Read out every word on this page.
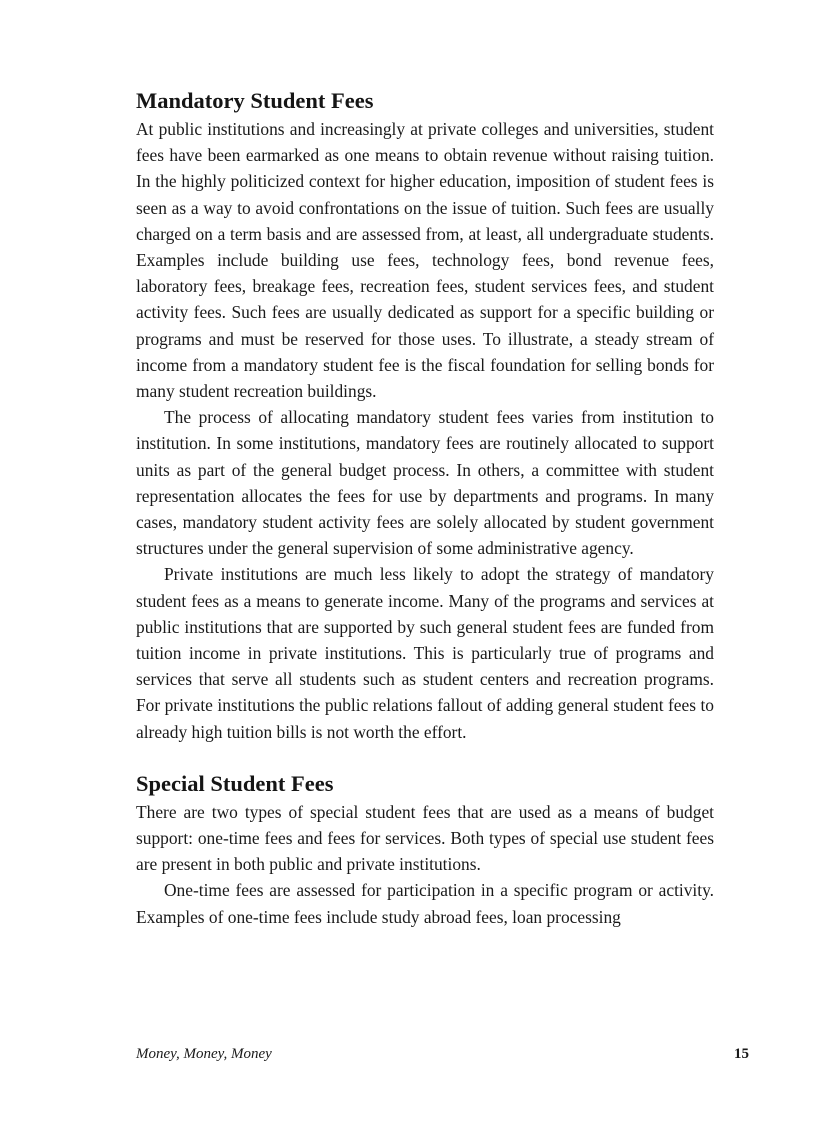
Mandatory Student Fees

At public institutions and increasingly at private colleges and universities, student fees have been earmarked as one means to obtain revenue without raising tuition. In the highly politicized context for higher education, imposition of student fees is seen as a way to avoid confrontations on the issue of tuition. Such fees are usually charged on a term basis and are assessed from, at least, all undergraduate students. Examples include building use fees, technology fees, bond revenue fees, laboratory fees, breakage fees, recreation fees, student services fees, and student activity fees. Such fees are usually dedicated as support for a specific building or programs and must be reserved for those uses. To illustrate, a steady stream of income from a mandatory student fee is the fiscal foundation for selling bonds for many student recreation buildings.

The process of allocating mandatory student fees varies from institution to institution. In some institutions, mandatory fees are routinely allocated to support units as part of the general budget process. In others, a committee with student representation allocates the fees for use by departments and programs. In many cases, mandatory student activity fees are solely allocated by student government structures under the general supervision of some administrative agency.

Private institutions are much less likely to adopt the strategy of mandatory student fees as a means to generate income. Many of the programs and services at public institutions that are supported by such general student fees are funded from tuition income in private institutions. This is particularly true of programs and services that serve all students such as student centers and recreation programs. For private institutions the public relations fallout of adding general student fees to already high tuition bills is not worth the effort.

Special Student Fees

There are two types of special student fees that are used as a means of budget support: one-time fees and fees for services. Both types of special use student fees are present in both public and private institutions.

One-time fees are assessed for participation in a specific program or activity. Examples of one-time fees include study abroad fees, loan processing

Money, Money, Money	15
